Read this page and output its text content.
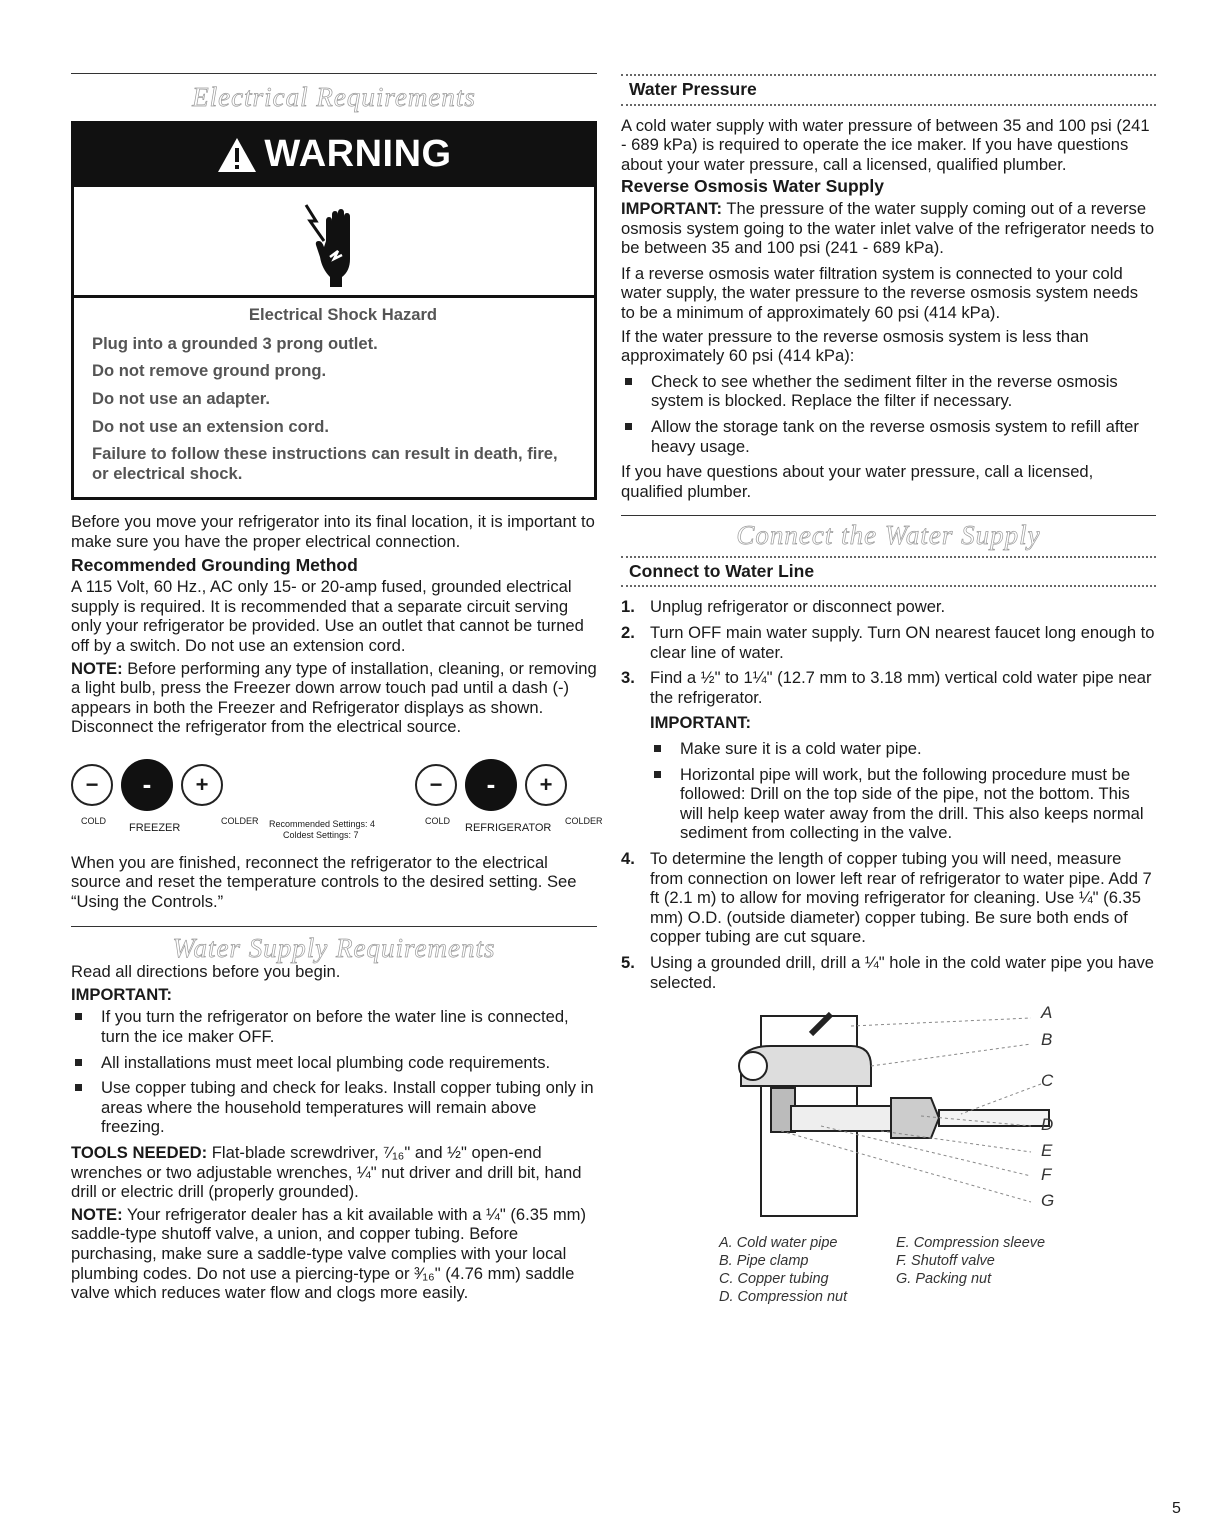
Electrical Requirements
WARNING

Electrical Shock Hazard

Plug into a grounded 3 prong outlet.

Do not remove ground prong.

Do not use an adapter.

Do not use an extension cord.

Failure to follow these instructions can result in death, fire, or electrical shock.

Before you move your refrigerator into its final location, it is important to make sure you have the proper electrical connection.

Recommended Grounding Method

A 115 Volt, 60 Hz., AC only 15- or 20-amp fused, grounded electrical supply is required. It is recommended that a separate circuit serving only your refrigerator be provided. Use an outlet that cannot be turned off by a switch. Do not use an extension cord.

NOTE: Before performing any type of installation, cleaning, or removing a light bulb, press the Freezer down arrow touch pad until a dash (-) appears in both the Freezer and Refrigerator displays as shown. Disconnect the refrigerator from the electrical source.

− - +
COLD
FREEZER
COLDER Recommended Settings: 4
Coldest Settings: 7
− - +
COLD
REFRIGERATOR
COLDER

When you are finished, reconnect the refrigerator to the electrical source and reset the temperature controls to the desired setting. See “Using the Controls.”

Water Supply Requirements

Read all directions before you begin.

IMPORTANT:

If you turn the refrigerator on before the water line is connected, turn the ice maker OFF.
All installations must meet local plumbing code requirements.
Use copper tubing and check for leaks. Install copper tubing only in areas where the household temperatures will remain above freezing.

TOOLS NEEDED: Flat-blade screwdriver, ⁷⁄₁₆" and ½" open-end wrenches or two adjustable wrenches, ¼" nut driver and drill bit, hand drill or electric drill (properly grounded).

NOTE: Your refrigerator dealer has a kit available with a ¼" (6.35 mm) saddle-type shutoff valve, a union, and copper tubing. Before purchasing, make sure a saddle-type valve complies with your local plumbing codes. Do not use a piercing-type or ³⁄₁₆" (4.76 mm) saddle valve which reduces water flow and clogs more easily.

Water Pressure

A cold water supply with water pressure of between 35 and 100 psi (241 - 689 kPa) is required to operate the ice maker. If you have questions about your water pressure, call a licensed, qualified plumber.

Reverse Osmosis Water Supply

IMPORTANT: The pressure of the water supply coming out of a reverse osmosis system going to the water inlet valve of the refrigerator needs to be between 35 and 100 psi (241 - 689 kPa).

If a reverse osmosis water filtration system is connected to your cold water supply, the water pressure to the reverse osmosis system needs to be a minimum of approximately 60 psi (414 kPa).

If the water pressure to the reverse osmosis system is less than approximately 60 psi (414 kPa):

Check to see whether the sediment filter in the reverse osmosis system is blocked. Replace the filter if necessary.
Allow the storage tank on the reverse osmosis system to refill after heavy usage.

If you have questions about your water pressure, call a licensed, qualified plumber.

Connect the Water Supply
Connect to Water Line
1. Unplug refrigerator or disconnect power.
2. Turn OFF main water supply. Turn ON nearest faucet long enough to clear line of water.
3. Find a ½" to 1¼" (12.7 mm to 3.18 mm) vertical cold water pipe near the refrigerator.
IMPORTANT:
Make sure it is a cold water pipe.
Horizontal pipe will work, but the following procedure must be followed: Drill on the top side of the pipe, not the bottom. This will help keep water away from the drill. This also keeps normal sediment from collecting in the valve.
4. To determine the length of copper tubing you will need, measure from connection on lower left rear of refrigerator to water pipe. Add 7 ft (2.1 m) to allow for moving refrigerator for cleaning. Use ¼" (6.35 mm) O.D. (outside diameter) copper tubing. Be sure both ends of copper tubing are cut square.
5. Using a grounded drill, drill a ¼" hole in the cold water pipe you have selected.
A
B
C
D
E
F
G
A. Cold water pipe
B. Pipe clamp
C. Copper tubing
D. Compression nut
E. Compression sleeve
F. Shutoff valve
G. Packing nut
5
